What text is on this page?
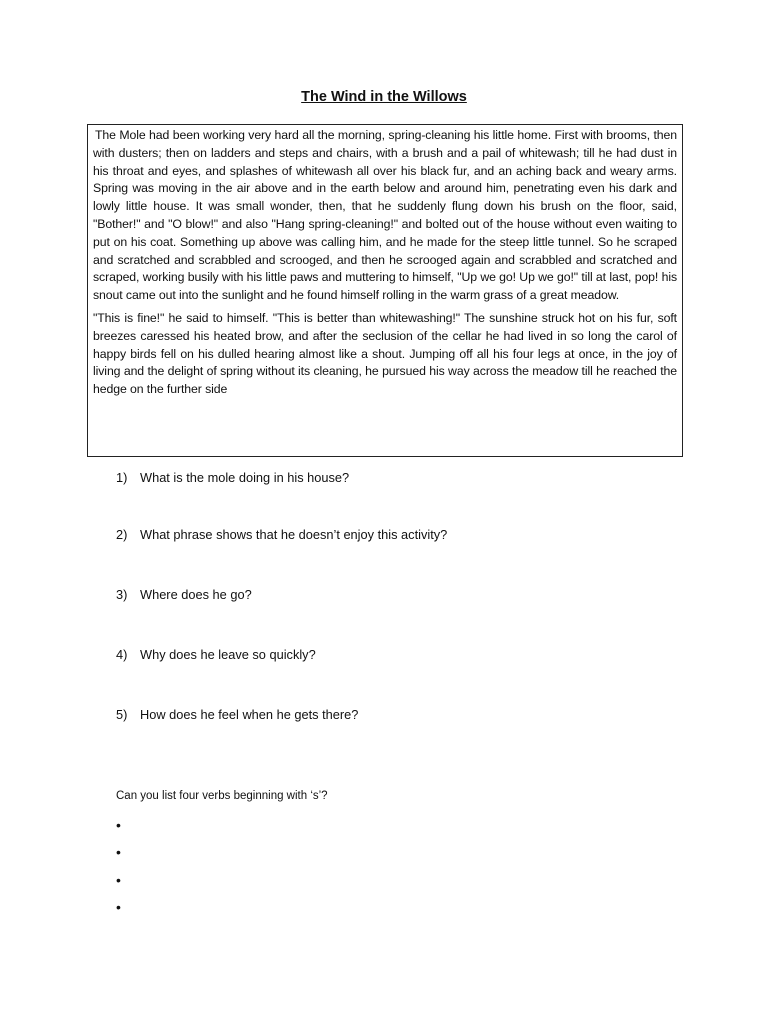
The Wind in the Willows

The Mole had been working very hard all the morning, spring-cleaning his little home. First with brooms, then with dusters; then on ladders and steps and chairs, with a brush and a pail of whitewash; till he had dust in his throat and eyes, and splashes of whitewash all over his black fur, and an aching back and weary arms. Spring was moving in the air above and in the earth below and around him, penetrating even his dark and lowly little house. It was small wonder, then, that he suddenly flung down his brush on the floor, said, "Bother!" and "O blow!" and also "Hang spring-cleaning!" and bolted out of the house without even waiting to put on his coat. Something up above was calling him, and he made for the steep little tunnel. So he scraped and scratched and scrabbled and scrooged, and then he scrooged again and scrabbled and scratched and scraped, working busily with his little paws and muttering to himself, "Up we go! Up we go!" till at last, pop! his snout came out into the sunlight and he found himself rolling in the warm grass of a great meadow.

"This is fine!" he said to himself. "This is better than whitewashing!" The sunshine struck hot on his fur, soft breezes caressed his heated brow, and after the seclusion of the cellar he had lived in so long the carol of happy birds fell on his dulled hearing almost like a shout. Jumping off all his four legs at once, in the joy of living and the delight of spring without its cleaning, he pursued his way across the meadow till he reached the hedge on the further side

1) What is the mole doing in his house?
2) What phrase shows that he doesn’t enjoy this activity?
3) Where does he go?
4) Why does he leave so quickly?
5) How does he feel when he gets there?
Can you list four verbs beginning with ‘s’?
•
•
•
•
